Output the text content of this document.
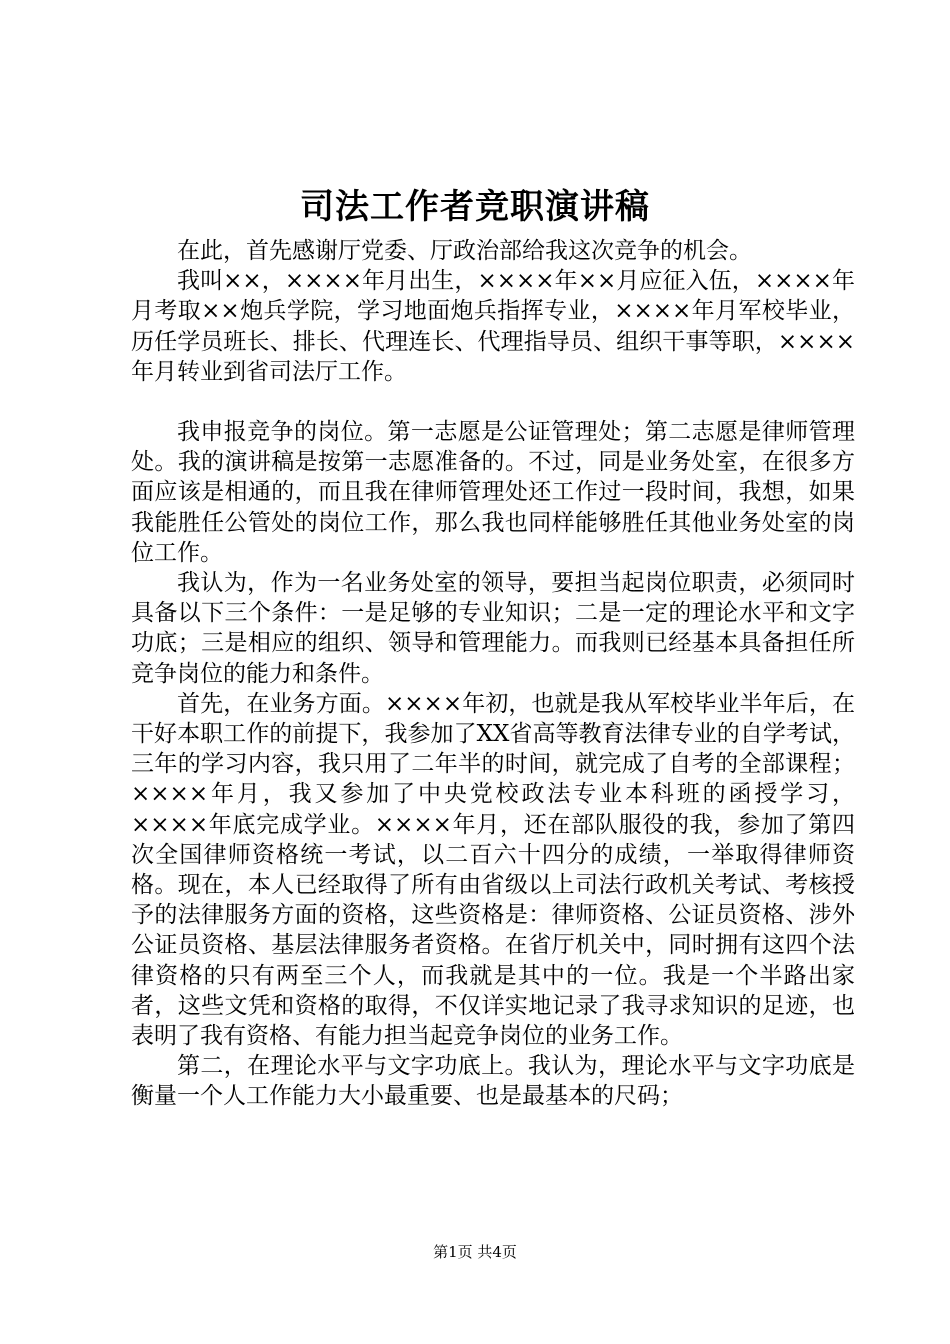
司法工作者竞职演讲稿

在此，首先感谢厅党委、厅政治部给我这次竞争的机会。

我叫××，××××年月出生，××××年××月应征入伍，××××年月考取××炮兵学院，学习地面炮兵指挥专业，××××年月军校毕业，历任学员班长、排长、代理连长、代理指导员、组织干事等职，××××年月转业到省司法厅工作。

我申报竞争的岗位。第一志愿是公证管理处；第二志愿是律师管理处。我的演讲稿是按第一志愿准备的。不过，同是业务处室，在很多方面应该是相通的，而且我在律师管理处还工作过一段时间，我想，如果我能胜任公管处的岗位工作，那么我也同样能够胜任其他业务处室的岗位工作。

我认为，作为一名业务处室的领导，要担当起岗位职责，必须同时具备以下三个条件：一是足够的专业知识；二是一定的理论水平和文字功底；三是相应的组织、领导和管理能力。而我则已经基本具备担任所竞争岗位的能力和条件。

首先，在业务方面。××××年初，也就是我从军校毕业半年后，在干好本职工作的前提下，我参加了XX省高等教育法律专业的自学考试，三年的学习内容，我只用了二年半的时间，就完成了自考的全部课程；××××年月，我又参加了中央党校政法专业本科班的函授学习，××××年底完成学业。××××年月，还在部队服役的我，参加了第四次全国律师资格统一考试，以二百六十四分的成绩，一举取得律师资格。现在，本人已经取得了所有由省级以上司法行政机关考试、考核授予的法律服务方面的资格，这些资格是：律师资格、公证员资格、涉外公证员资格、基层法律服务者资格。在省厅机关中，同时拥有这四个法律资格的只有两至三个人，而我就是其中的一位。我是一个半路出家者，这些文凭和资格的取得，不仅详实地记录了我寻求知识的足迹，也表明了我有资格、有能力担当起竞争岗位的业务工作。

第二，在理论水平与文字功底上。我认为，理论水平与文字功底是衡量一个人工作能力大小最重要、也是最基本的尺码；

第1页 共4页
